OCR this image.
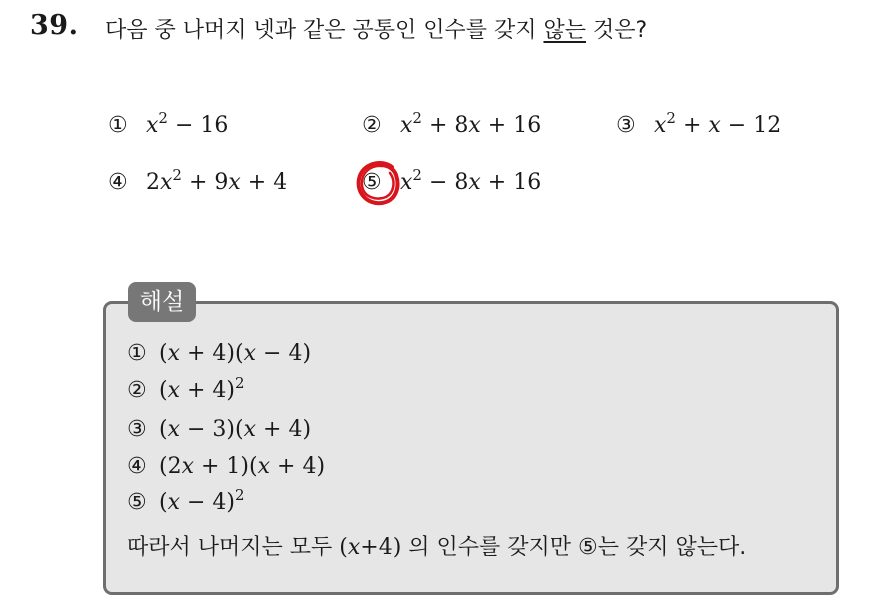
39. 다음 중 나머지 넷과 같은 공통인 인수를 갖지 않는 것은?
① $x^2 - 16$	② $x^2 + 8x + 16$	③ $x^2 + x - 12$
④ $2x^2 + 9x + 4$	⑤ $x^2 - 8x + 16$
해설
① (x + 4)(x − 4)
② $(x + 4)^2$
③ (x − 3)(x + 4)
④ (2x + 1)(x + 4)
⑤ $(x - 4)^2$
따라서 나머지는 모두 (x+4) 의 인수를 갖지만 ⑤는 갖지 않는다.
